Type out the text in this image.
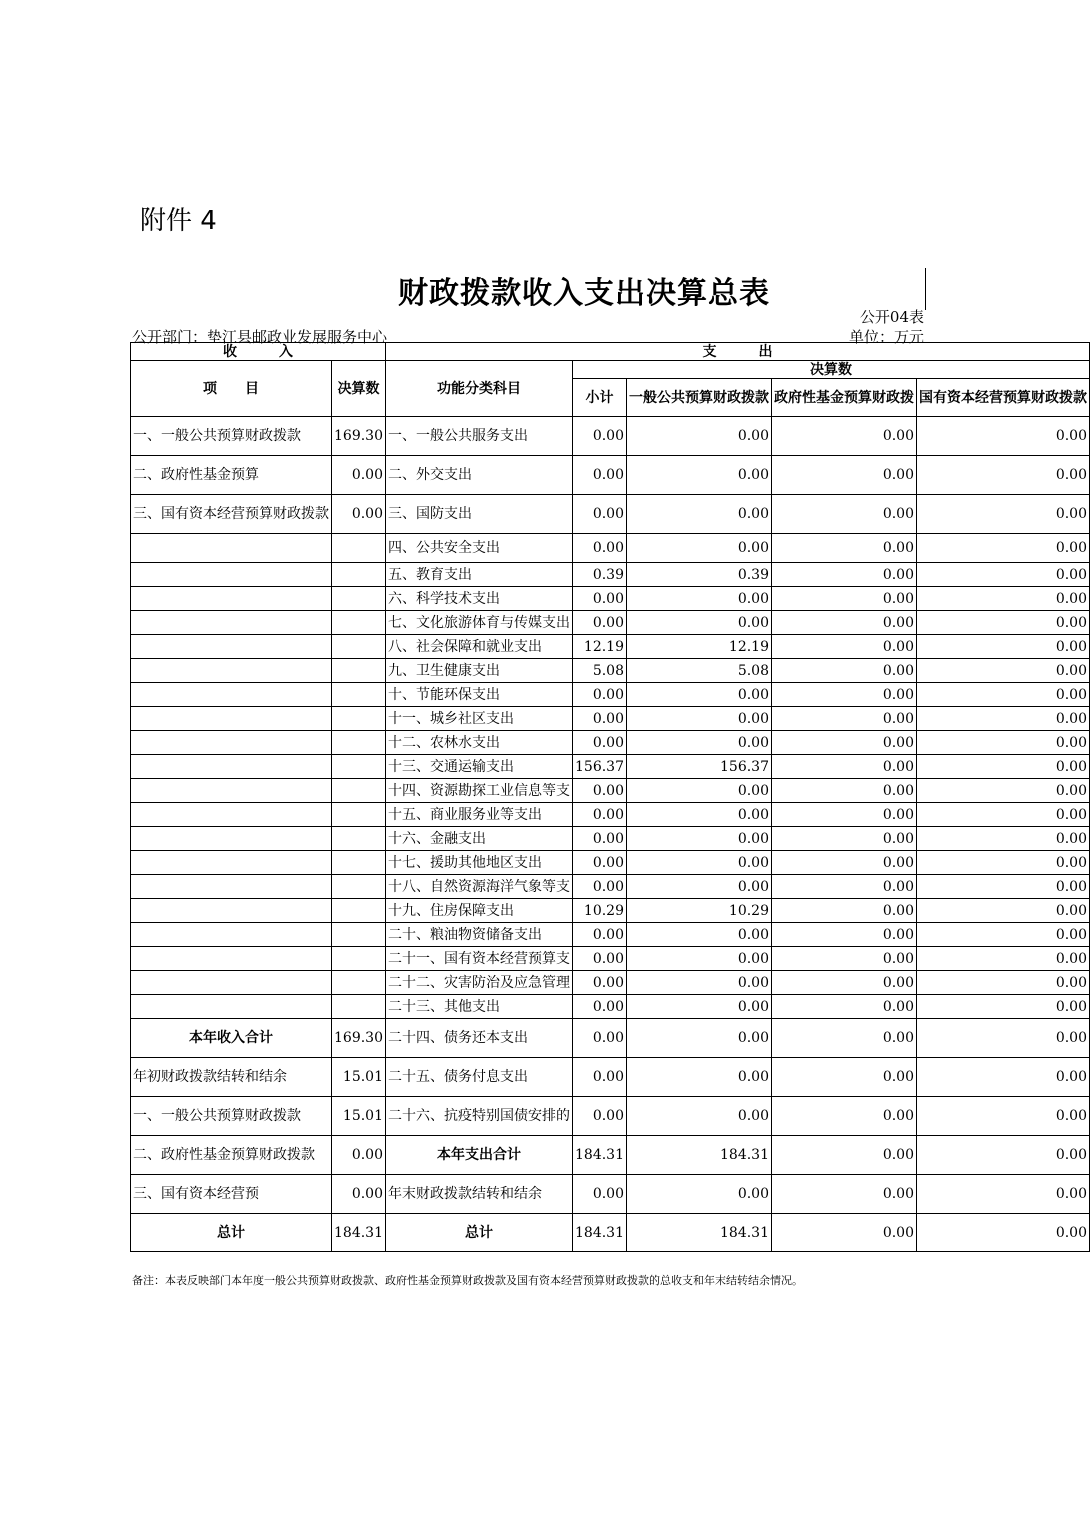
附件 4
财政拨款收入支出决算总表
公开04表
公开部门：垫江县邮政业发展服务中心	单位：万元
收　　　入		支　　　出				
项　　目	决算数	功能分类科目	决算数			
			小计	一般公共预算财政拨款	政府性基金预算财政拨	国有资本经营预算财政拨款
一、一般公共预算财政拨款	169.30	一、一般公共服务支出	0.00	0.00	0.00	0.00
二、政府性基金预算	0.00	二、外交支出	0.00	0.00	0.00	0.00
三、国有资本经营预算财政拨款	0.00	三、国防支出	0.00	0.00	0.00	0.00
		四、公共安全支出	0.00	0.00	0.00	0.00
		五、教育支出	0.39	0.39	0.00	0.00
		六、科学技术支出	0.00	0.00	0.00	0.00
		七、文化旅游体育与传媒支出	0.00	0.00	0.00	0.00
		八、社会保障和就业支出	12.19	12.19	0.00	0.00
		九、卫生健康支出	5.08	5.08	0.00	0.00
		十、节能环保支出	0.00	0.00	0.00	0.00
		十一、城乡社区支出	0.00	0.00	0.00	0.00
		十二、农林水支出	0.00	0.00	0.00	0.00
		十三、交通运输支出	156.37	156.37	0.00	0.00
		十四、资源勘探工业信息等支	0.00	0.00	0.00	0.00
		十五、商业服务业等支出	0.00	0.00	0.00	0.00
		十六、金融支出	0.00	0.00	0.00	0.00
		十七、援助其他地区支出	0.00	0.00	0.00	0.00
		十八、自然资源海洋气象等支	0.00	0.00	0.00	0.00
		十九、住房保障支出	10.29	10.29	0.00	0.00
		二十、粮油物资储备支出	0.00	0.00	0.00	0.00
		二十一、国有资本经营预算支	0.00	0.00	0.00	0.00
		二十二、灾害防治及应急管理	0.00	0.00	0.00	0.00
		二十三、其他支出	0.00	0.00	0.00	0.00
本年收入合计	169.30	二十四、债务还本支出	0.00	0.00	0.00	0.00
年初财政拨款结转和结余	15.01	二十五、债务付息支出	0.00	0.00	0.00	0.00
一、一般公共预算财政拨款	15.01	二十六、抗疫特别国债安排的	0.00	0.00	0.00	0.00
二、政府性基金预算财政拨款	0.00	本年支出合计	184.31	184.31	0.00	0.00
三、国有资本经营预	0.00	年末财政拨款结转和结余	0.00	0.00	0.00	0.00
总计	184.31	总计	184.31	184.31	0.00	0.00
备注：本表反映部门本年度一般公共预算财政拨款、政府性基金预算财政拨款及国有资本经营预算财政拨款的总收支和年末结转结余情况。
